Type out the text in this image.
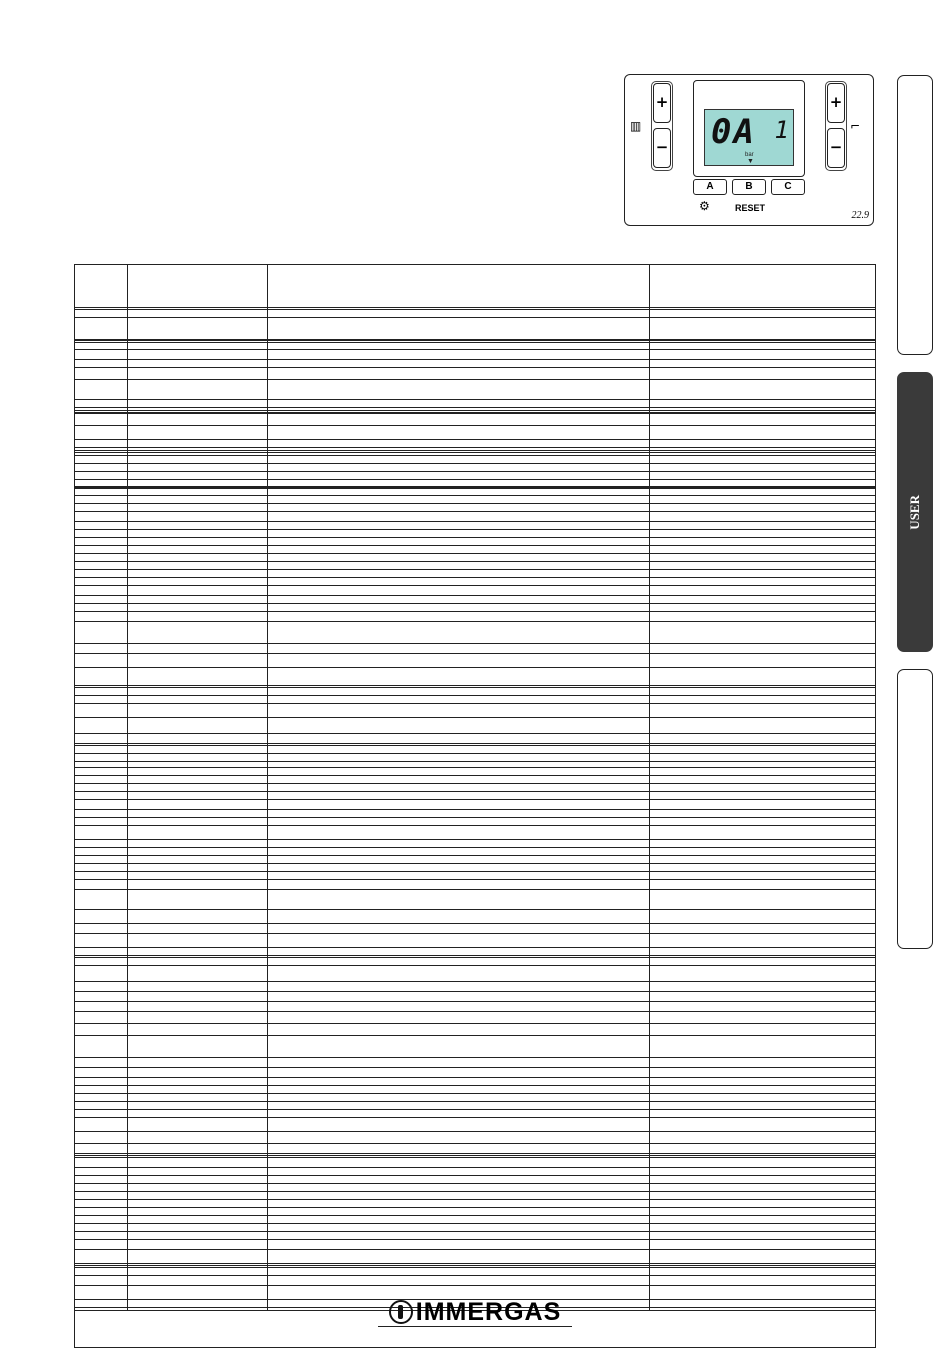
+
−
▥ 0A 1
bar
▼
+
−
⌐
A	B	C
⚙	RESET
22.9
USER
IMMERGAS
